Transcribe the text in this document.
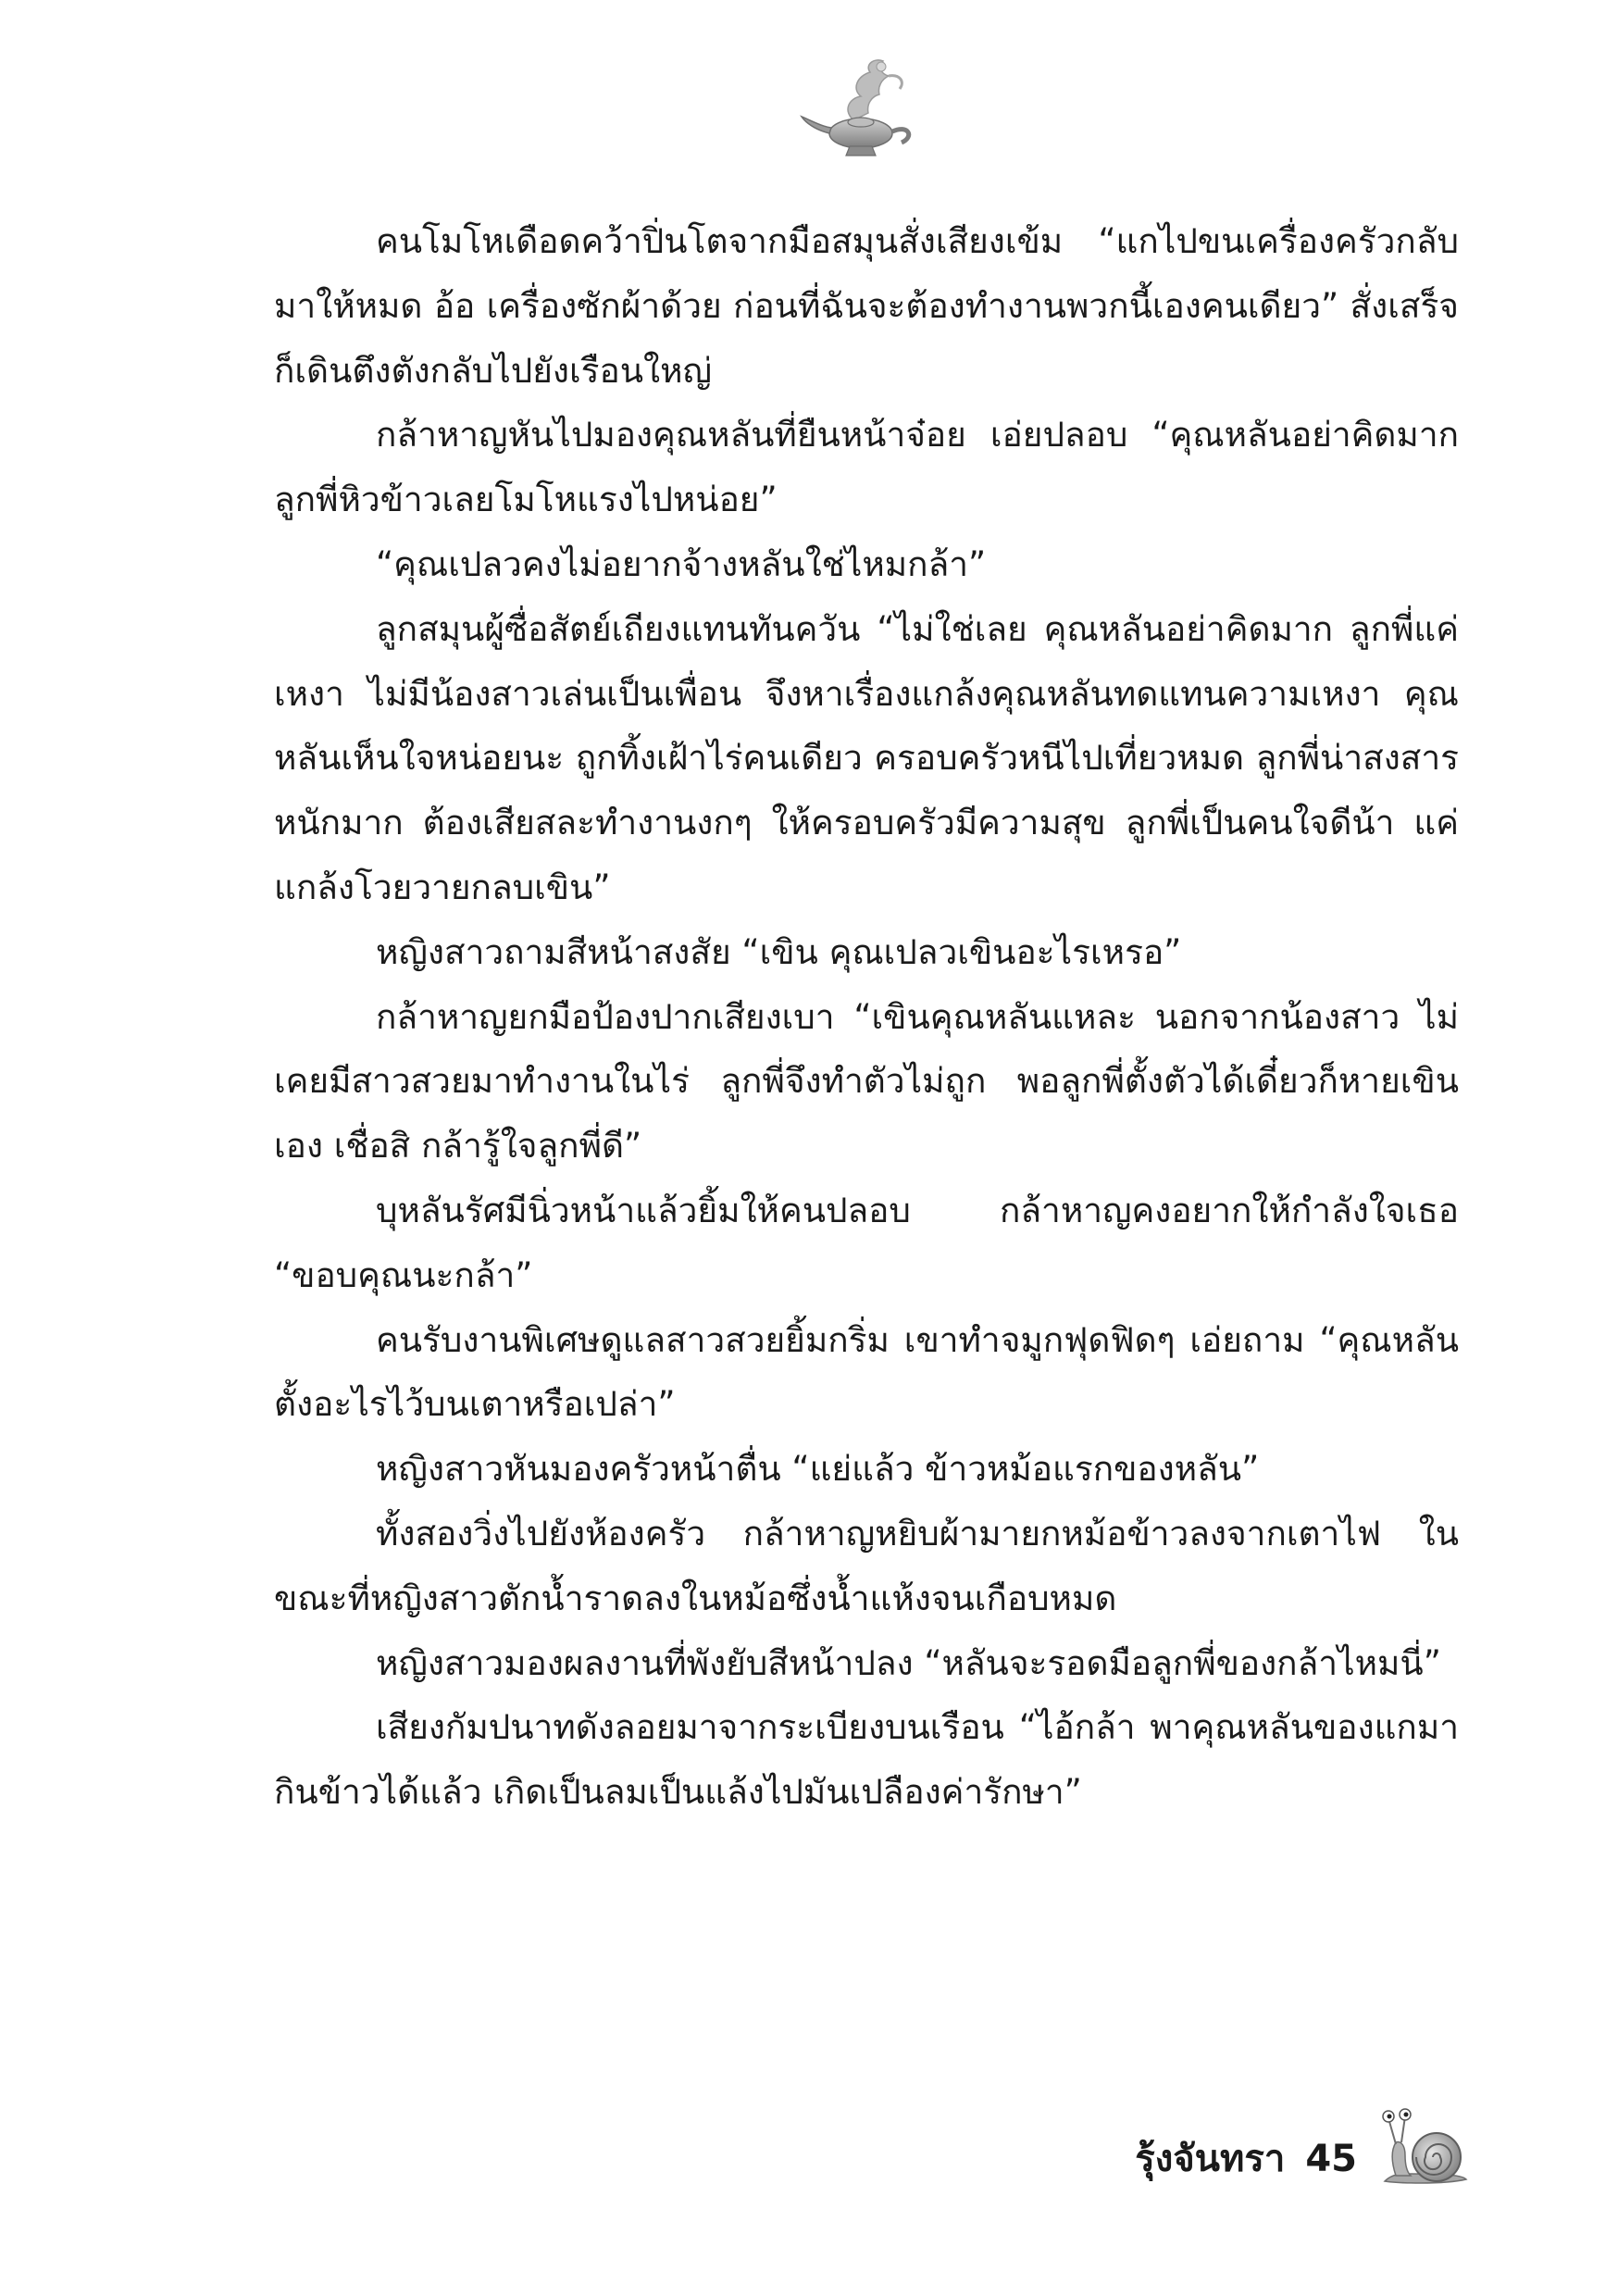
คนโมโหเดือดคว้าปิ่นโตจากมือสมุนสั่งเสียงเข้ม “แกไปขนเครื่องครัวกลับมาให้หมด อ้อ เครื่องซักผ้าด้วย ก่อนที่ฉันจะต้องทำงานพวกนี้เองคนเดียว” สั่งเสร็จก็เดินตึงตังกลับไปยังเรือนใหญ่

กล้าหาญหันไปมองคุณหลันที่ยืนหน้าจ๋อย เอ่ยปลอบ “คุณหลันอย่าคิดมาก ลูกพี่หิวข้าวเลยโมโหแรงไปหน่อย”

“คุณเปลวคงไม่อยากจ้างหลันใช่ไหมกล้า”

ลูกสมุนผู้ซื่อสัตย์เถียงแทนทันควัน “ไม่ใช่เลย คุณหลันอย่าคิดมาก ลูกพี่แค่เหงา ไม่มีน้องสาวเล่นเป็นเพื่อน จึงหาเรื่องแกล้งคุณหลันทดแทนความเหงา คุณหลันเห็นใจหน่อยนะ ถูกทิ้งเฝ้าไร่คนเดียว ครอบครัวหนีไปเที่ยวหมด ลูกพี่น่าสงสารหนักมาก ต้องเสียสละทำงานงกๆ ให้ครอบครัวมีความสุข ลูกพี่เป็นคนใจดีน้า แค่แกล้งโวยวายกลบเขิน”

หญิงสาวถามสีหน้าสงสัย “เขิน คุณเปลวเขินอะไรเหรอ”

กล้าหาญยกมือป้องปากเสียงเบา “เขินคุณหลันแหละ นอกจากน้องสาว ไม่เคยมีสาวสวยมาทำงานในไร่ ลูกพี่จึงทำตัวไม่ถูก พอลูกพี่ตั้งตัวได้เดี๋ยวก็หายเขินเอง เชื่อสิ กล้ารู้ใจลูกพี่ดี”

บุหลันรัศมีนิ่วหน้าแล้วยิ้มให้คนปลอบ กล้าหาญคงอยากให้กำลังใจเธอ “ขอบคุณนะกล้า”

คนรับงานพิเศษดูแลสาวสวยยิ้มกริ่ม เขาทำจมูกฟุดฟิดๆ เอ่ยถาม “คุณหลันตั้งอะไรไว้บนเตาหรือเปล่า”

หญิงสาวหันมองครัวหน้าตื่น “แย่แล้ว ข้าวหม้อแรกของหลัน”

ทั้งสองวิ่งไปยังห้องครัว กล้าหาญหยิบผ้ามายกหม้อข้าวลงจากเตาไฟ ในขณะที่หญิงสาวตักน้ำราดลงในหม้อซึ่งน้ำแห้งจนเกือบหมด

หญิงสาวมองผลงานที่พังยับสีหน้าปลง “หลันจะรอดมือลูกพี่ของกล้าไหมนี่”

เสียงกัมปนาทดังลอยมาจากระเบียงบนเรือน “ไอ้กล้า พาคุณหลันของแกมากินข้าวได้แล้ว เกิดเป็นลมเป็นแล้งไปมันเปลืองค่ารักษา”

รุ้งจันทรา 45
